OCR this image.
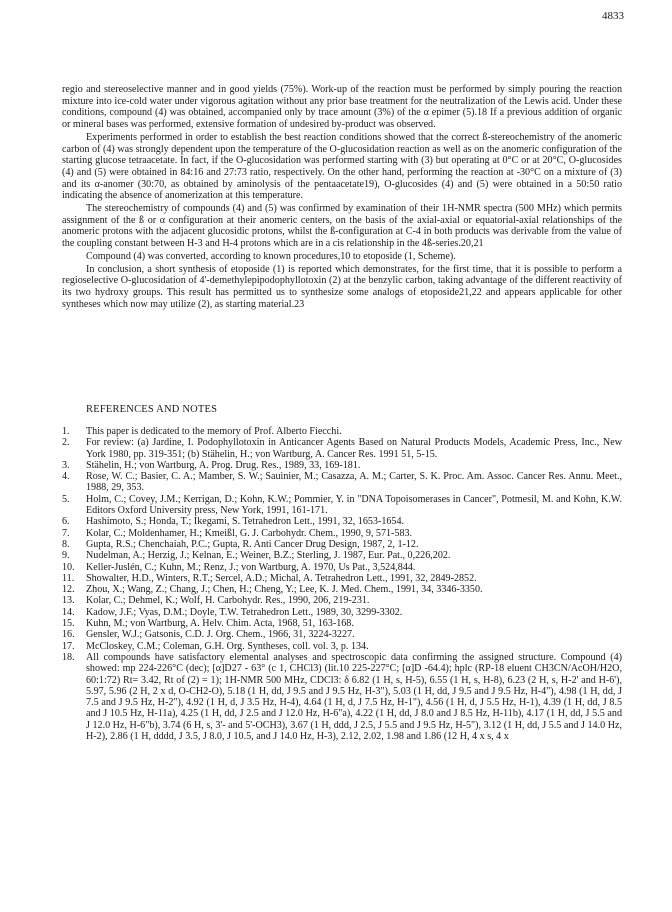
4833

regio and stereoselective manner and in good yields (75%). Work-up of the reaction must be performed by simply pouring the reaction mixture into ice-cold water under vigorous agitation without any prior base treatment for the neutralization of the Lewis acid. Under these conditions, compound (4) was obtained, accompanied only by trace amount (3%) of the α epimer (5).18 If a previous addition of organic or mineral bases was performed, extensive formation of undesired by-product was observed.

Experiments performed in order to establish the best reaction conditions showed that the correct ß-stereochemistry of the anomeric carbon of (4) was strongly dependent upon the temperature of the O-glucosidation reaction as well as on the anomeric configuration of the starting glucose tetraacetate. In fact, if the O-glucosidation was performed starting with (3) but operating at 0°C or at 20°C, O-glucosides (4) and (5) were obtained in 84:16 and 27:73 ratio, respectively. On the other hand, performing the reaction at -30°C on a mixture of (3) and its α-anomer (30:70, as obtained by aminolysis of the pentaacetate19), O-glucosides (4) and (5) were obtained in a 50:50 ratio indicating the absence of anomerization at this temperature.

The stereochemistry of compounds (4) and (5) was confirmed by examination of their 1H-NMR spectra (500 MHz) which permits assignment of the ß or α configuration at their anomeric centers, on the basis of the axial-axial or equatorial-axial relationships of the anomeric protons with the adjacent glucosidic protons, whilst the ß-configuration at C-4 in both products was derivable from the value of the coupling constant between H-3 and H-4 protons which are in a cis relationship in the 4ß-series.20,21

Compound (4) was converted, according to known procedures,10 to etoposide (1, Scheme).

In conclusion, a short synthesis of etoposide (1) is reported which demonstrates, for the first time, that it is possible to perform a regioselective O-glucosidation of 4'-demethylepipodophyllotoxin (2) at the benzylic carbon, taking advantage of the different reactivity of its two hydroxy groups. This result has permitted us to synthesize some analogs of etoposide21,22 and appears applicable for other syntheses which now may utilize (2), as starting material.23

REFERENCES AND NOTES
1.	This paper is dedicated to the memory of Prof. Alberto Fiecchi.
2.	For review: (a) Jardine, I. Podophyllotoxin in Anticancer Agents Based on Natural Products Models, Academic Press, Inc., New York 1980, pp. 319-351; (b) Stähelin, H.; von Wartburg, A. Cancer Res. 1991 51, 5-15.
3.	Stähelin, H.; von Wartburg, A. Prog. Drug. Res., 1989, 33, 169-181.
4.	Rose, W. C.; Basier, C. A.; Mamber, S. W.; Sauinier, M.; Casazza, A. M.; Carter, S. K. Proc. Am. Assoc. Cancer Res. Annu. Meet., 1988, 29, 353.
5.	Holm, C.; Covey, J.M.; Kerrigan, D.; Kohn, K.W.; Pommier, Y. in "DNA Topoisomerases in Cancer", Potmesil, M. and Kohn, K.W. Editors Oxford University press, New York, 1991, 161-171.
6.	Hashimoto, S.; Honda, T.; Ikegami, S. Tetrahedron Lett., 1991, 32, 1653-1654.
7.	Kolar, C.; Moldenhamer, H.; Kmeißl, G. J. Carbohydr. Chem., 1990, 9, 571-583.
8.	Gupta, R.S.; Chenchaiah, P.C.; Gupta, R. Anti Cancer Drug Design, 1987, 2, 1-12.
9.	Nudelman, A.; Herzig, J.; Kelnan, E.; Weiner, B.Z.; Sterling, J. 1987, Eur. Pat., 0,226,202.
10.	Keller-Juslén, C.; Kuhn, M.; Renz, J.; von Wartburg, A. 1970, Us Pat., 3,524,844.
11.	Showalter, H.D., Winters, R.T.; Sercel, A.D.; Michal, A. Tetrahedron Lett., 1991, 32, 2849-2852.
12.	Zhou, X.; Wang, Z.; Chang, J.; Chen, H.; Cheng, Y.; Lee, K. J. Med. Chem., 1991, 34, 3346-3350.
13.	Kolar, C.; Dehmel, K.; Wolf, H. Carbohydr. Res., 1990, 206, 219-231.
14.	Kadow, J.F.; Vyas, D.M.; Doyle, T.W. Tetrahedron Lett., 1989, 30, 3299-3302.
15.	Kuhn, M.; von Wartburg, A. Helv. Chim. Acta, 1968, 51, 163-168.
16.	Gensler, W.J.; Gatsonis, C.D. J. Org. Chem., 1966, 31, 3224-3227.
17.	McCloskey, C.M.; Coleman, G.H. Org. Syntheses, coll. vol. 3, p. 134.
18.	All compounds have satisfactory elemental analyses and spectroscopic data confirming the assigned structure. Compound (4) showed: mp 224-226°C (dec); [α]D27 - 63° (c 1, CHCl3) (lit.10 225-227°C; [α]D -64.4); hplc (RP-18 eluent CH3CN/AcOH/H2O, 60:1:72) Rt= 3.42, Rt of (2) = 1); 1H-NMR 500 MHz, CDCl3: δ 6.82 (1 H, s, H-5), 6.55 (1 H, s, H-8), 6.23 (2 H, s, H-2' and H-6'), 5.97, 5.96 (2 H, 2 x d, O-CH2-O), 5.18 (1 H, dd, J 9.5 and J 9.5 Hz, H-3"), 5.03 (1 H, dd, J 9.5 and J 9.5 Hz, H-4"), 4.98 (1 H, dd, J 7.5 and J 9.5 Hz, H-2"), 4.92 (1 H, d, J 3.5 Hz, H-4), 4.64 (1 H, d, J 7.5 Hz, H-1"), 4.56 (1 H, d, J 5.5 Hz, H-1), 4.39 (1 H, dd, J 8.5 and J 10.5 Hz, H-11a), 4.25 (1 H, dd, J 2.5 and J 12.0 Hz, H-6"a), 4.22 (1 H, dd, J 8.0 and J 8.5 Hz, H-11b), 4.17 (1 H, dd, J 5.5 and J 12.0 Hz, H-6"b), 3.74 (6 H, s, 3'- and 5'-OCH3), 3.67 (1 H, ddd, J 2.5, J 5.5 and J 9.5 Hz, H-5"), 3.12 (1 H, dd, J 5.5 and J 14.0 Hz, H-2), 2.86 (1 H, dddd, J 3.5, J 8.0, J 10.5, and J 14.0 Hz, H-3), 2.12, 2.02, 1.98 and 1.86 (12 H, 4 x s, 4 x
